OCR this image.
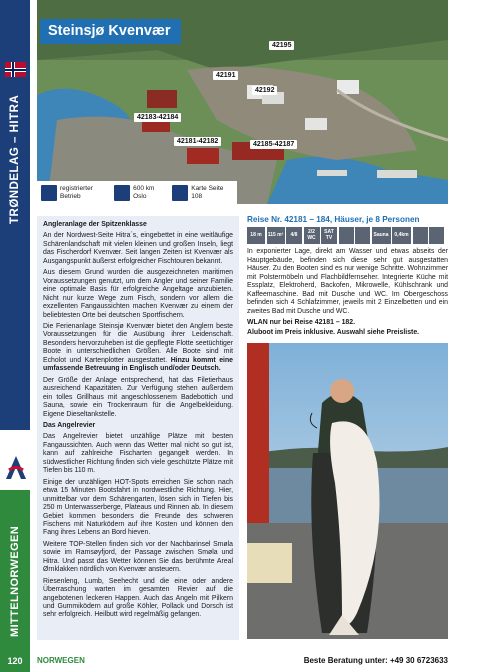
TRØNDELAG – HITRA
MITTELNORWEGEN
120
Steinsjø Kvenvær
42195
42191
42192
42183-42184
42181-42182	42185-42187
registrierter Betrieb
600 km Oslo
Karte Seite 108

Angleranlage der Spitzenklasse

An der Nordwest-Seite Hitra´s, eingebettet in eine weitläufige Schärenlandschaft mit vielen kleinen und großen Inseln, liegt das Fischerdorf Kvenvær. Seit langen Zeiten ist Kvenvær als Ausgangspunkt äußerst erfolgreicher Fischtouren bekannt.

Aus diesem Grund wurden die ausgezeichneten maritimen Voraussetzungen genutzt, um dem Angler und seiner Familie eine optimale Basis für erfolgreiche Angeltage anzubieten. Nicht nur kurze Wege zum Fisch, sondern vor allem die exzellenten Fangaussichten machen Kvenvær zu einem der beliebtesten Orte bei deutschen Sportfischern.

Die Ferienanlage Steinsjø Kvenvær bietet den Anglern beste Voraussetzungen für die Ausübung ihrer Leidenschaft. Besonders hervorzuheben ist die gepflegte Flotte seetüchtiger Boote in unterschiedlichen Größen. Alle Boote sind mit Echolot und Kartenplotter ausgestattet. Hinzu kommt eine umfassende Betreuung in Englisch und/oder Deutsch.

Der Größe der Anlage entsprechend, hat das Filetierhaus ausreichend Kapazitäten. Zur Verfügung stehen außerdem ein tolles Grillhaus mit angeschlossenem Badebottich und Sauna, sowie ein Trockenraum für die Angelbekleidung. Eigene Dieseltankstelle.

Das Angelrevier

Das Angelrevier bietet unzählige Plätze mit besten Fangaussichten. Auch wenn das Wetter mal nicht so gut ist, kann auf zahlreiche Fischarten gegangelt werden. In südwestlicher Richtung finden sich viele geschützte Plätze mit Tiefen bis 110 m.

Einige der unzähligen HOT-Spots erreichen Sie schon nach etwa 15 Minuten Bootsfahrt in nordwestliche Richtung. Hier, unmittelbar vor dem Schärengarten, lösen sich in Tiefen bis 250 m Unterwasserberge, Plateaus und Rinnen ab. In diesem Gebiet kommen besonders die Freunde des schweren Fischens mit Naturködern auf ihre Kosten und können den Fang ihres Lebens an Bord hieven.

Weitere TOP-Stellen finden sich vor der Nachbarinsel Smøla sowie im Ramsøyfjord, der Passage zwischen Smøla und Hitra. Und passt das Wetter können Sie das berühmte Areal Ørnklakken nördlich von Kvenvær ansteuern.

Riesenleng, Lumb, Seehecht und die eine oder andere Überraschung warten im gesamten Revier auf die angebotenen leckeren Happen. Auch das Angeln mit Pilkern und Gummiködern auf große Köhler, Pollack und Dorsch ist sehr erfolgreich. Heilbutt wird regelmäßig gefangen.

Reise Nr. 42181 – 184, Häuser, je 8 Personen
18 m	115 m²	4/8	2/2 WC
SAT TV	Sauna	0,4km
In exponierter Lage, direkt am Wasser und etwas abseits der Hauptgebäude, befinden sich diese sehr gut ausgestatten Häuser. Zu den Booten sind es nur wenige Schritte. Wohnzimmer mit Polstermöbeln und Flachbildfernseher. Integrierte Küche mit Essplatz, Elektroherd, Backofen, Mikrowelle, Kühlschrank und Kaffeemaschine. Bad mit Dusche und WC. Im Obergeschoss befinden sich 4 Schlafzimmer, jeweils mit 2 Einzelbetten und ein zweites Bad mit Dusche und WC.
WLAN nur bei Reise 42181 – 182.
Aluboot im Preis inklusive. Auswahl siehe Preisliste.
NORWEGEN	Beste Beratung unter: +49 30 6723633
